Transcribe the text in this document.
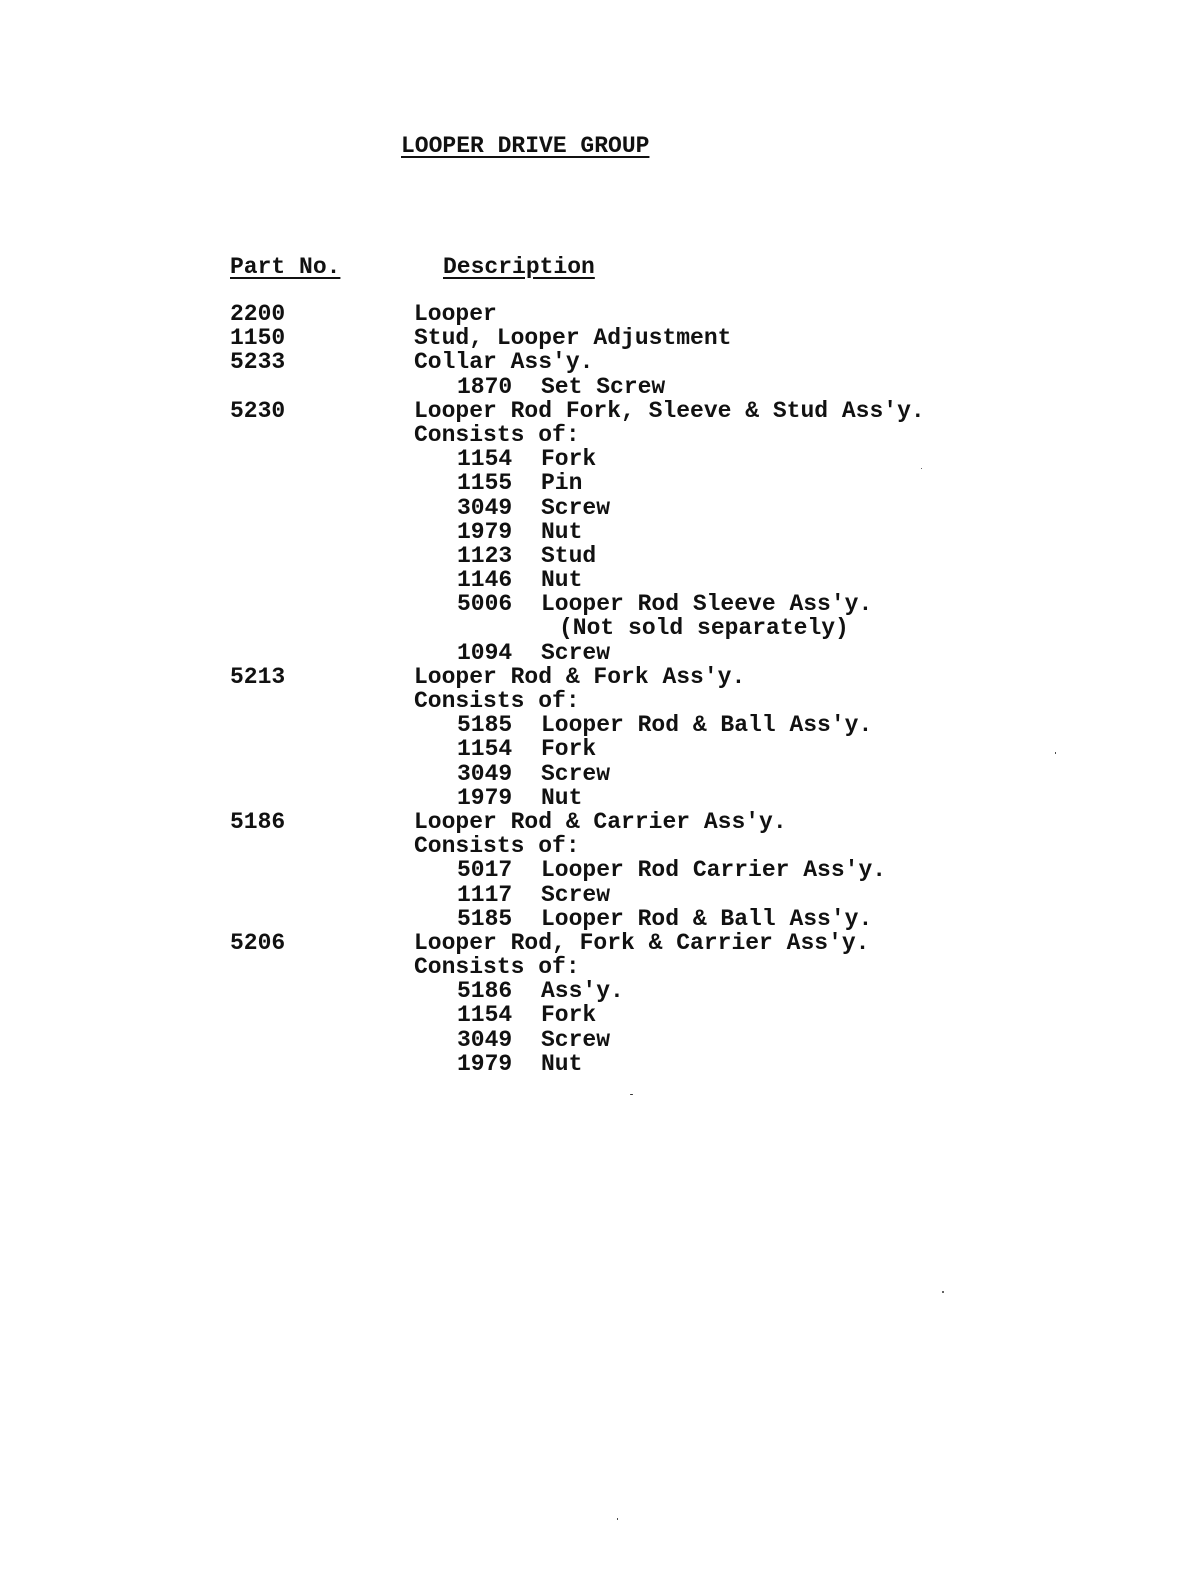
LOOPER DRIVE GROUP
Part No.	Description
2200	Looper
1150	Stud, Looper Adjustment
5233	Collar Ass'y.
1870 Set Screw
5230	Looper Rod Fork, Sleeve & Stud Ass'y.
Consists of:
1154 Fork
1155 Pin
3049 Screw
1979 Nut
1123 Stud
1146 Nut
5006 Looper Rod Sleeve Ass'y.
(Not sold separately)
1094 Screw
5213	Looper Rod & Fork Ass'y.
Consists of:
5185 Looper Rod & Ball Ass'y.
1154 Fork
3049 Screw
1979 Nut
5186	Looper Rod & Carrier Ass'y.
Consists of:
5017 Looper Rod Carrier Ass'y.
1117 Screw
5185 Looper Rod & Ball Ass'y.
5206	Looper Rod, Fork & Carrier Ass'y.
Consists of:
5186 Ass'y.
1154 Fork
3049 Screw
1979 Nut
